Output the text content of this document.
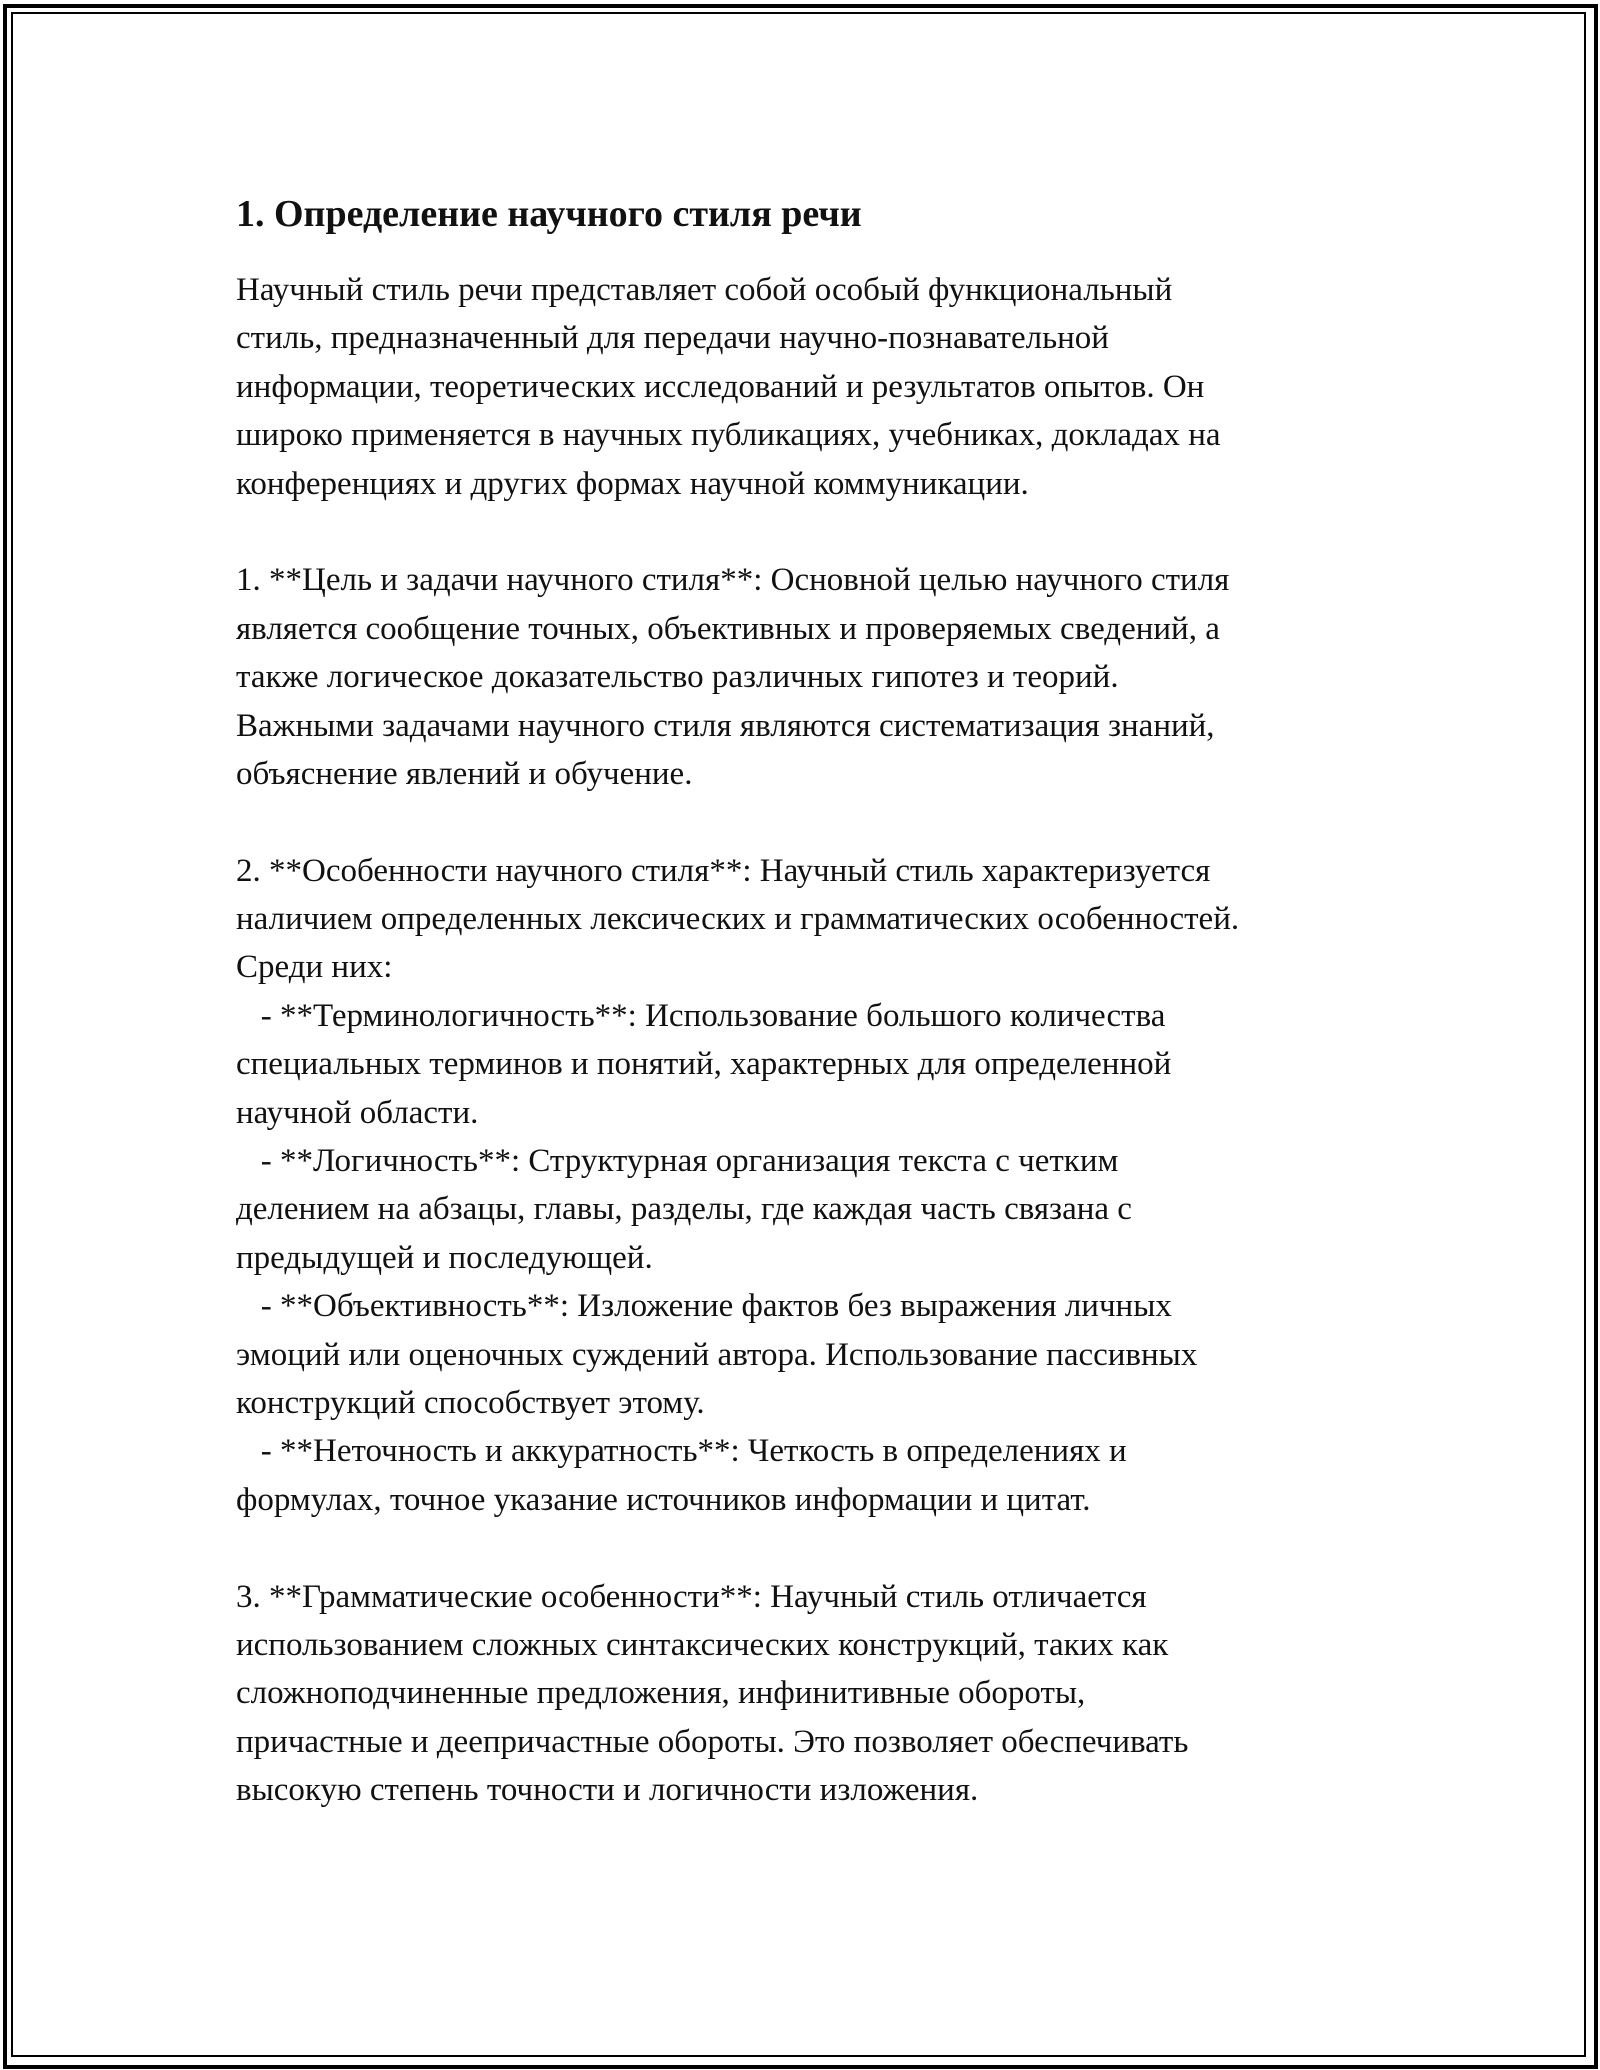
1. Определение научного стиля речи
Научный стиль речи представляет собой особый функциональный
стиль, предназначенный для передачи научно-познавательной
информации, теоретических исследований и результатов опытов. Он
широко применяется в научных публикациях, учебниках, докладах на
конференциях и других формах научной коммуникации.
1. **Цель и задачи научного стиля**: Основной целью научного стиля
является сообщение точных, объективных и проверяемых сведений, а
также логическое доказательство различных гипотез и теорий.
Важными задачами научного стиля являются систематизация знаний,
объяснение явлений и обучение.
2. **Особенности научного стиля**: Научный стиль характеризуется
наличием определенных лексических и грамматических особенностей.
Среди них:
- **Терминологичность**: Использование большого количества
специальных терминов и понятий, характерных для определенной
научной области.
- **Логичность**: Структурная организация текста с четким
делением на абзацы, главы, разделы, где каждая часть связана с
предыдущей и последующей.
- **Объективность**: Изложение фактов без выражения личных
эмоций или оценочных суждений автора. Использование пассивных
конструкций способствует этому.
- **Неточность и аккуратность**: Четкость в определениях и
формулах, точное указание источников информации и цитат.
3. **Грамматические особенности**: Научный стиль отличается
использованием сложных синтаксических конструкций, таких как
сложноподчиненные предложения, инфинитивные обороты,
причастные и деепричастные обороты. Это позволяет обеспечивать
высокую степень точности и логичности изложения.
